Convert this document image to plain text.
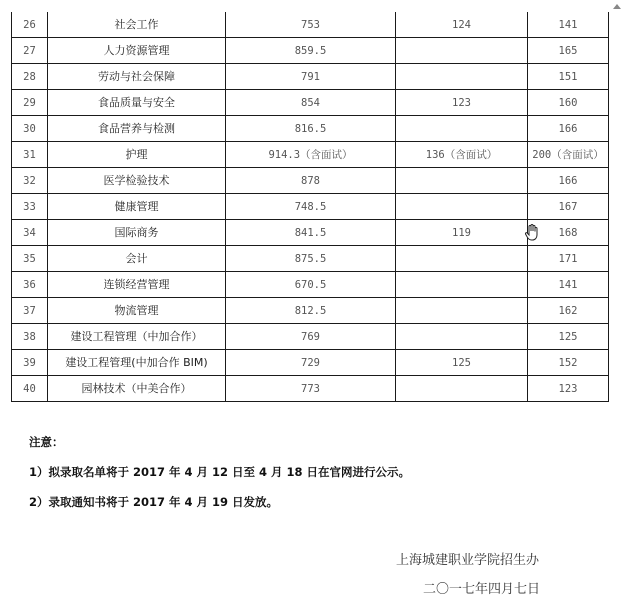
26	社会工作	753	124	141
27	人力资源管理	859.5		165
28	劳动与社会保障	791		151
29	食品质量与安全	854	123	160
30	食品营养与检测	816.5		166
31	护理	914.3（含面试）	136（含面试）	200（含面试）
32	医学检验技术	878		166
33	健康管理	748.5		167
34	国际商务	841.5	119	168
35	会计	875.5		171
36	连锁经营管理	670.5		141
37	物流管理	812.5		162
38	建设工程管理（中加合作）	769		125
39	建设工程管理(中加合作 BIM)	729	125	152
40	园林技术（中美合作）	773		123
注意：
1）拟录取名单将于 2017 年 4 月 12 日至 4 月 18 日在官网进行公示。
2）录取通知书将于 2017 年 4 月 19 日发放。
上海城建职业学院招生办
二〇一七年四月七日
